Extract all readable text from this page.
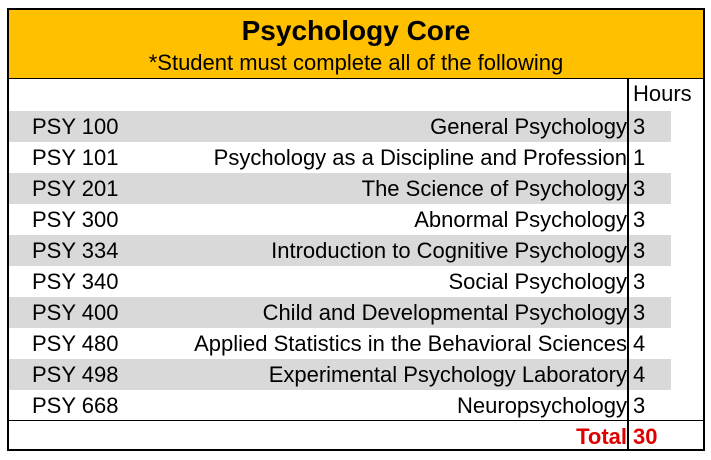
Psychology Core
*Student must complete all of the following
Hours
PSY 100	General Psychology 3
PSY 101	Psychology as a Discipline and Profession 1
PSY 201	The Science of Psychology 3
PSY 300	Abnormal Psychology 3
PSY 334	Introduction to Cognitive Psychology 3
PSY 340	Social Psychology 3
PSY 400	Child and Developmental Psychology 3
PSY 480	Applied Statistics in the Behavioral Sciences 4
PSY 498	Experimental Psychology Laboratory 4
PSY 668	Neuropsychology 3
Total 30
